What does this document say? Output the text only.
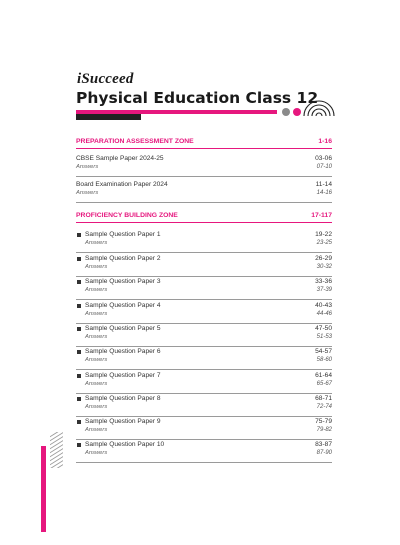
iSucceed
Physical Education Class 12
PREPARATION ASSESSMENT ZONE	1-16
CBSE Sample Paper 2024-25
Answers
03-06
07-10
Board Examination Paper 2024
Answers
11-14
14-16
PROFICIENCY BUILDING ZONE	17-117
Sample Question Paper 1
Answers
19-22
23-25
Sample Question Paper 2
Answers
26-29
30-32
Sample Question Paper 3
Answers
33-36
37-39
Sample Question Paper 4
Answers
40-43
44-46
Sample Question Paper 5
Answers
47-50
51-53
Sample Question Paper 6
Answers
54-57
58-60
Sample Question Paper 7
Answers
61-64
65-67
Sample Question Paper 8
Answers
68-71
72-74
Sample Question Paper 9
Answers
75-79
79-82
Sample Question Paper 10
Answers
83-87
87-90
